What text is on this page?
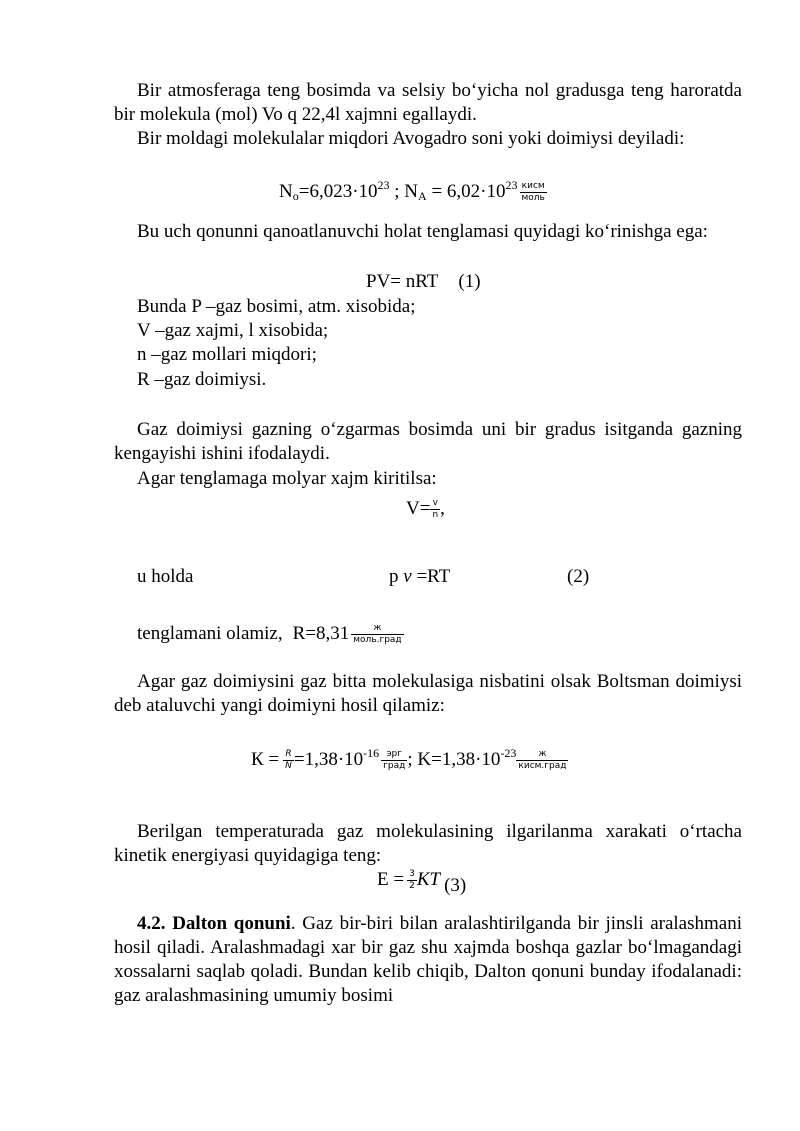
Bir atmosferaga teng bosimda va selsiy bo‘yicha nol gradusga teng haroratda bir molekula (mol) Vo q 22,4l xajmni egallaydi.
Bir moldagi molekulalar miqdori Avogadro soni yoki doimiysi deyiladi:
$N_o=6,023\cdot 10^{23}$ ; $N_A = 6,02\cdot 10^{23} \frac{\text{кисм}}{\text{моль}}$
Bu uch qonunni qanoatlanuvchi holat tenglamasi quyidagi ko‘rinishga ega:
PV= nRT (1)
Bunda P –gaz bosimi, atm. xisobida;
V –gaz xajmi, l xisobida;
n –gaz mollari miqdori;
R –gaz doimiysi.
Gaz doimiysi gazning o‘zgarmas bosimda uni bir gradus isitganda gazning kengayishi ishini ifodalaydi.
Agar tenglamaga molyar xajm kiritilsa:
$V= \frac{v}{n}$ ,
u holda	p v =RT	(2)
tenglamani olamiz, $R=8,31 \frac{ж}{\text{моль.град}}$
Agar gaz doimiysini gaz bitta molekulasiga nisbatini olsak Boltsman doimiysi deb ataluvchi yangi doimiyni hosil qilamiz:
$К = \frac{R}{N} =1,38\cdot 10^{-16} \frac{\text{эрг}}{\text{град}}$ ; $K=1,38\cdot 10^{-23} \frac{ж}{\text{кисм.град}}$
Berilgan temperaturada gaz molekulasining ilgarilanma xarakati o‘rtacha kinetik energiyasi quyidagiga teng:
$E = \frac{3}{2}$ KT (3)
4.2. Dalton qonuni. Gaz bir-biri bilan aralashtirilganda bir jinsli aralashmani hosil qiladi. Aralashmadagi xar bir gaz shu xajmda boshqa gazlar bo‘lmagandagi xossalarni saqlab qoladi. Bundan kelib chiqib, Dalton qonuni bunday ifodalanadi: gaz aralashmasining umumiy bosimi
